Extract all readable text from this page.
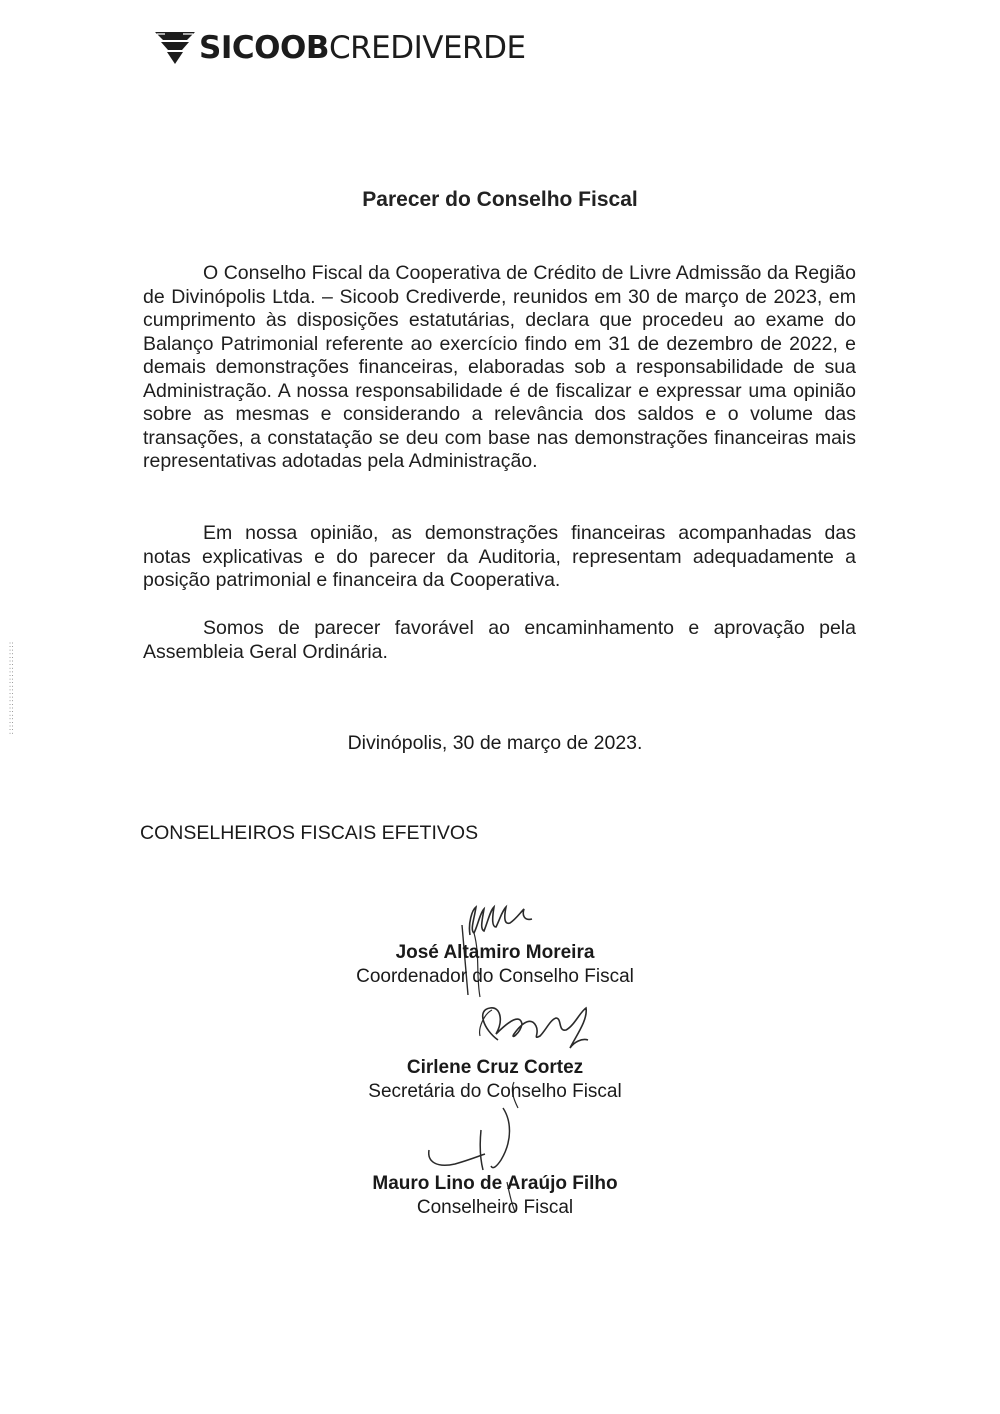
SICOOB CREDIVERDE
::::::::::::::::::::::::::
Parecer do Conselho Fiscal

O Conselho Fiscal da Cooperativa de Crédito de Livre Admissão da Região de Divinópolis Ltda. – Sicoob Crediverde, reunidos em 30 de março de 2023, em cumprimento às disposições estatutárias, declara que procedeu ao exame do Balanço Patrimonial referente ao exercício findo em 31 de dezembro de 2022, e demais demonstrações financeiras, elaboradas sob a responsabilidade de sua Administração. A nossa responsabilidade é de fiscalizar e expressar uma opinião sobre as mesmas e considerando a relevância dos saldos e o volume das transações, a constatação se deu com base nas demonstrações financeiras mais representativas adotadas pela Administração.

Em nossa opinião, as demonstrações financeiras acompanhadas das notas explicativas e do parecer da Auditoria, representam adequadamente a posição patrimonial e financeira da Cooperativa.

Somos de parecer favorável ao encaminhamento e aprovação pela Assembleia Geral Ordinária.

Divinópolis, 30 de março de 2023.
CONSELHEIROS FISCAIS EFETIVOS
José Altamiro Moreira
Coordenador do Conselho Fiscal
Cirlene Cruz Cortez
Secretária do Conselho Fiscal
Mauro Lino de Araújo Filho
Conselheiro Fiscal
